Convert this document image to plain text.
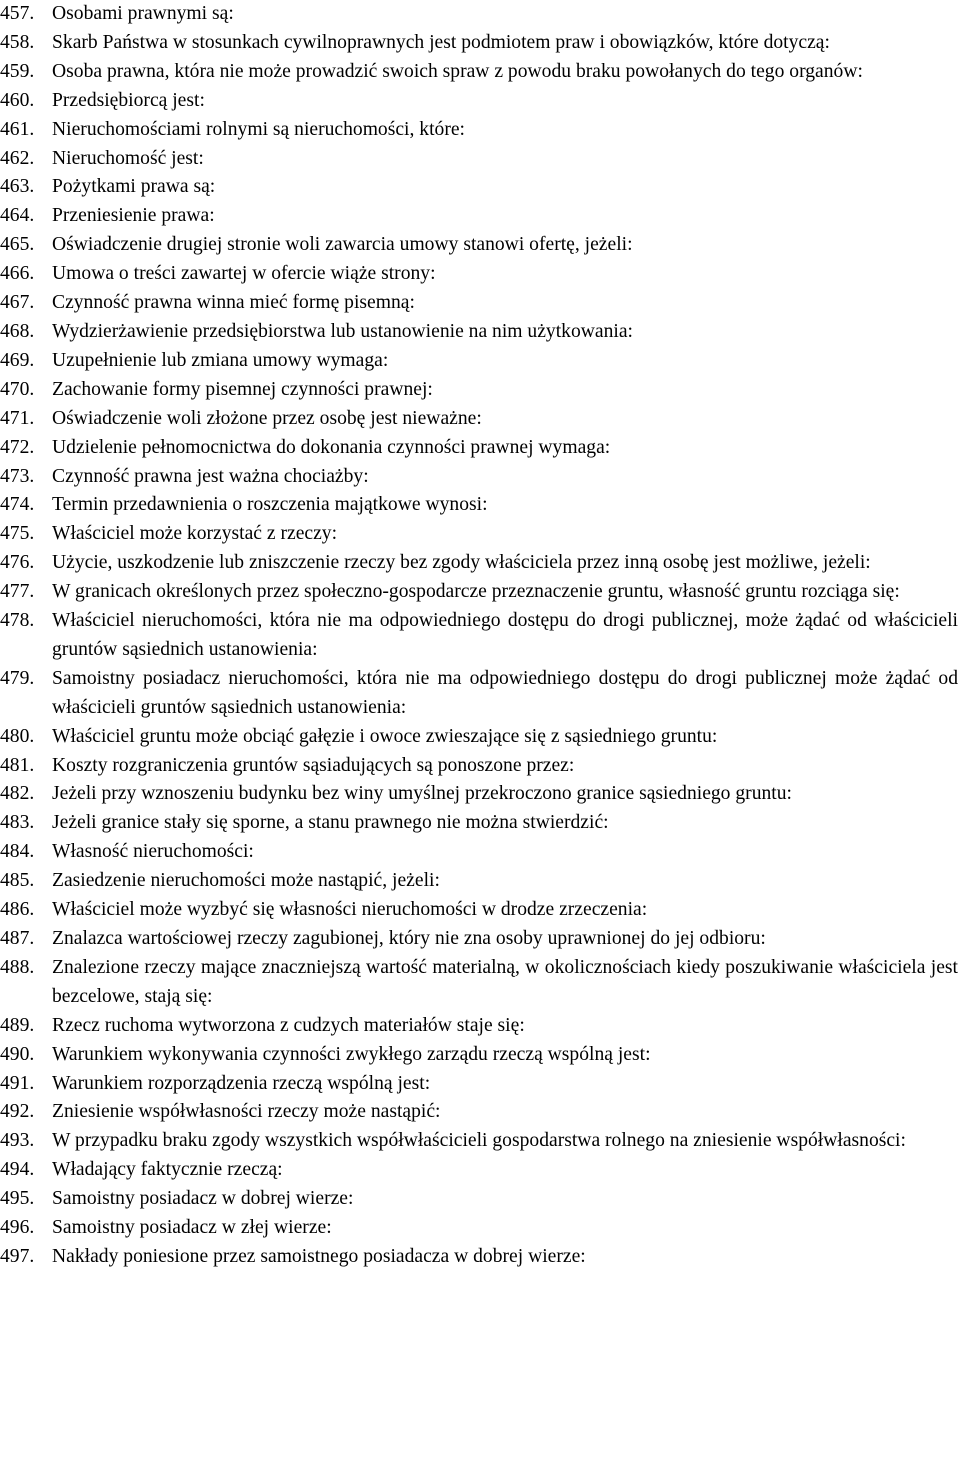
457. Osobami prawnymi są:
458. Skarb Państwa w stosunkach cywilnoprawnych jest podmiotem praw i obowiązków, które dotyczą:
459. Osoba prawna, która nie może prowadzić swoich spraw z powodu braku powołanych do tego organów:
460. Przedsiębiorcą jest:
461. Nieruchomościami rolnymi są nieruchomości, które:
462. Nieruchomość jest:
463. Pożytkami prawa są:
464. Przeniesienie prawa:
465. Oświadczenie drugiej stronie woli zawarcia umowy stanowi ofertę, jeżeli:
466. Umowa o treści zawartej w ofercie wiąże strony:
467. Czynność prawna winna mieć formę pisemną:
468. Wydzierżawienie przedsiębiorstwa lub ustanowienie na nim użytkowania:
469. Uzupełnienie lub zmiana umowy wymaga:
470. Zachowanie formy pisemnej czynności prawnej:
471. Oświadczenie woli złożone przez osobę jest nieważne:
472. Udzielenie pełnomocnictwa do dokonania czynności prawnej wymaga:
473. Czynność prawna jest ważna chociażby:
474. Termin przedawnienia o roszczenia majątkowe wynosi:
475. Właściciel może korzystać z rzeczy:
476. Użycie, uszkodzenie lub zniszczenie rzeczy bez zgody właściciela przez inną osobę jest możliwe, jeżeli:
477. W granicach określonych przez społeczno-gospodarcze przeznaczenie gruntu, własność gruntu rozciąga się:
478. Właściciel nieruchomości, która nie ma odpowiedniego dostępu do drogi publicznej, może żądać od właścicieli gruntów sąsiednich ustanowienia:
479. Samoistny posiadacz nieruchomości, która nie ma odpowiedniego dostępu do drogi publicznej może żądać od właścicieli gruntów sąsiednich ustanowienia:
480. Właściciel gruntu może obciąć gałęzie i owoce zwieszające się z sąsiedniego gruntu:
481. Koszty rozgraniczenia gruntów sąsiadujących są ponoszone przez:
482. Jeżeli przy wznoszeniu budynku bez winy umyślnej przekroczono granice sąsiedniego gruntu:
483. Jeżeli granice stały się sporne, a stanu prawnego nie można stwierdzić:
484. Własność nieruchomości:
485. Zasiedzenie nieruchomości może nastąpić, jeżeli:
486. Właściciel może wyzbyć się własności nieruchomości w drodze zrzeczenia:
487. Znalazca wartościowej rzeczy zagubionej, który nie zna osoby uprawnionej do jej odbioru:
488. Znalezione rzeczy mające znaczniejszą wartość materialną, w okolicznościach kiedy poszukiwanie właściciela jest bezcelowe, stają się:
489. Rzecz ruchoma wytworzona z cudzych materiałów staje się:
490. Warunkiem wykonywania czynności zwykłego zarządu rzeczą wspólną jest:
491. Warunkiem rozporządzenia rzeczą wspólną jest:
492. Zniesienie współwłasności rzeczy może nastąpić:
493. W przypadku braku zgody wszystkich współwłaścicieli gospodarstwa rolnego na zniesienie współwłasności:
494. Władający faktycznie rzeczą:
495. Samoistny posiadacz w dobrej wierze:
496. Samoistny posiadacz w złej wierze:
497. Nakłady poniesione przez samoistnego posiadacza w dobrej wierze:
